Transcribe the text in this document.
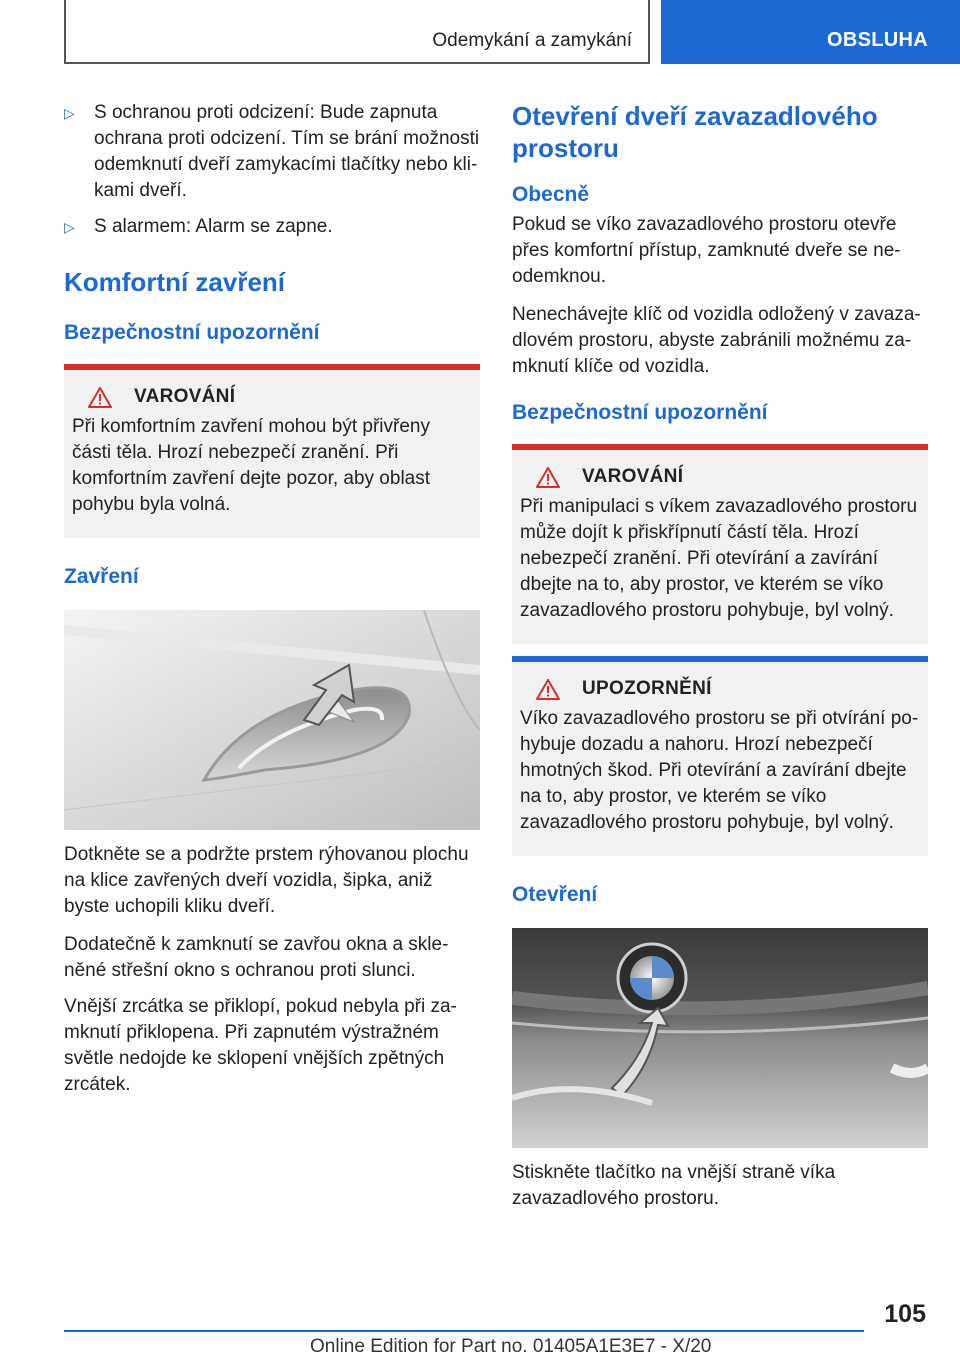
Odemykání a zamykání	OBSLUHA
▷ S ochranou proti odcizení: Bude zapnuta ochrana proti odcizení. Tím se brání možnosti odemknutí dveří zamykacími tlačítky nebo klikami dveří.
▷ S alarmem: Alarm se zapne.
Komfortní zavření
Bezpečnostní upozornění
VAROVÁNÍ
Při komfortním zavření mohou být přivřeny části těla. Hrozí nebezpečí zranění. Při komfortním zavření dejte pozor, aby oblast pohybu byla volná.
Zavření

Dotkněte se a podržte prstem rýhovanou plochu na klice zavřených dveří vozidla, šipka, aniž byste uchopili kliku dveří.

Dodatečně k zamknutí se zavřou okna a skleněné střešní okno s ochranou proti slunci.

Vnější zrcátka se přiklopí, pokud nebyla při zamknutí přiklopena. Při zapnutém výstražném světle nedojde ke sklopení vnějších zpětných zrcátek.

Otevření dveří zavazadlového prostoru
Obecně

Pokud se víko zavazadlového prostoru otevře přes komfortní přístup, zamknuté dveře se neodemknou.

Nenechávejte klíč od vozidla odložený v zavazadlovém prostoru, abyste zabránili možnému zamknutí klíče od vozidla.

Bezpečnostní upozornění
VAROVÁNÍ
Při manipulaci s víkem zavazadlového prostoru může dojít k přiskřípnutí částí těla. Hrozí nebezpečí zranění. Při otevírání a zavírání dbejte na to, aby prostor, ve kterém se víko zavazadlového prostoru pohybuje, byl volný.
UPOZORNĚNÍ
Víko zavazadlového prostoru se při otvírání pohybuje dozadu a nahoru. Hrozí nebezpečí hmotných škod. Při otevírání a zavírání dbejte na to, aby prostor, ve kterém se víko zavazadlového prostoru pohybuje, byl volný.
Otevření

Stiskněte tlačítko na vnější straně víka zavazadlového prostoru.

105
Online Edition for Part no. 01405A1E3E7 - X/20
